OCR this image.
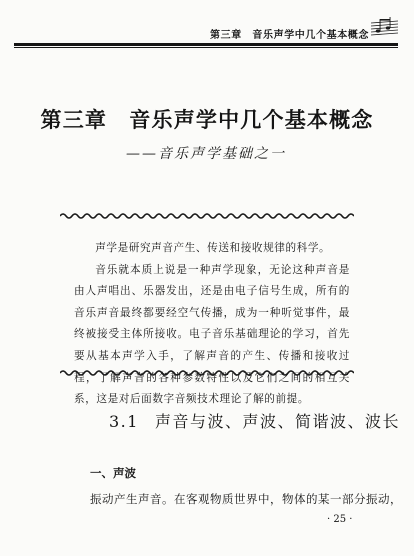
第三章　音乐声学中几个基本概念
第三章　音乐声学中几个基本概念
——音乐声学基础之一

声学是研究声音产生、传送和接收规律的科学。

音乐就本质上说是一种声学现象，无论这种声音是由人声唱出、乐器发出，还是由电子信号生成，所有的音乐声音最终都要经空气传播，成为一种听觉事件，最终被接受主体所接收。电子音乐基础理论的学习，首先要从基本声学入手，了解声音的产生、传播和接收过程，了解声音的各种参数特性以及它们之间的相互关系，这是对后面数字音频技术理论了解的前提。

3.1 声音与波、声波、简谐波、波长
一、声波
振动产生声音。在客观物质世界中，物体的某一部分振动，
· 25 ·
